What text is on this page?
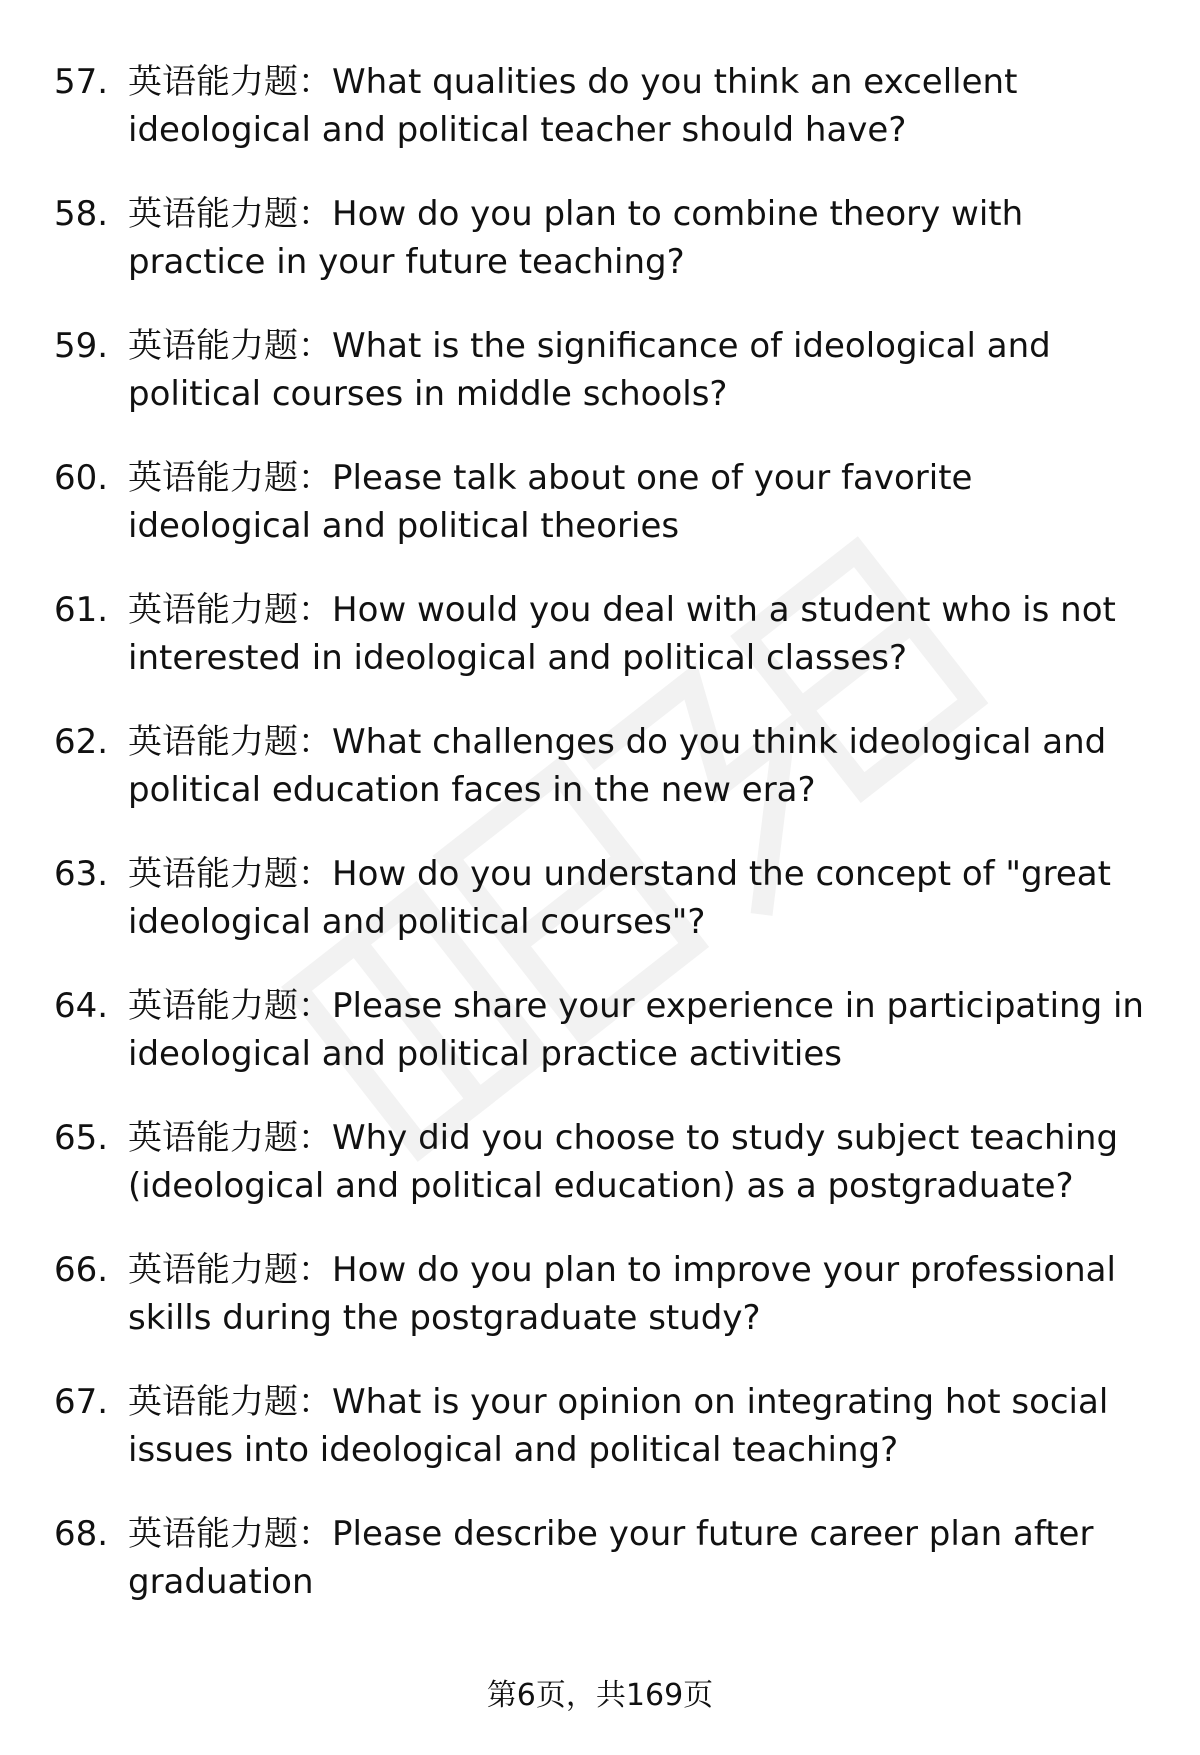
57. 英语能力题：What qualities do you think an excellent ideological and political teacher should have?
58. 英语能力题：How do you plan to combine theory with practice in your future teaching?
59. 英语能力题：What is the significance of ideological and political courses in middle schools?
60. 英语能力题：Please talk about one of your favorite ideological and political theories
61. 英语能力题：How would you deal with a student who is not interested in ideological and political classes?
62. 英语能力题：What challenges do you think ideological and political education faces in the new era?
63. 英语能力题：How do you understand the concept of "great ideological and political courses"?
64. 英语能力题：Please share your experience in participating in ideological and political practice activities
65. 英语能力题：Why did you choose to study subject teaching (ideological and political education) as a postgraduate?
66. 英语能力题：How do you plan to improve your professional skills during the postgraduate study?
67. 英语能力题：What is your opinion on integrating hot social issues into ideological and political teaching?
68. 英语能力题：Please describe your future career plan after graduation
第6页，共169页
